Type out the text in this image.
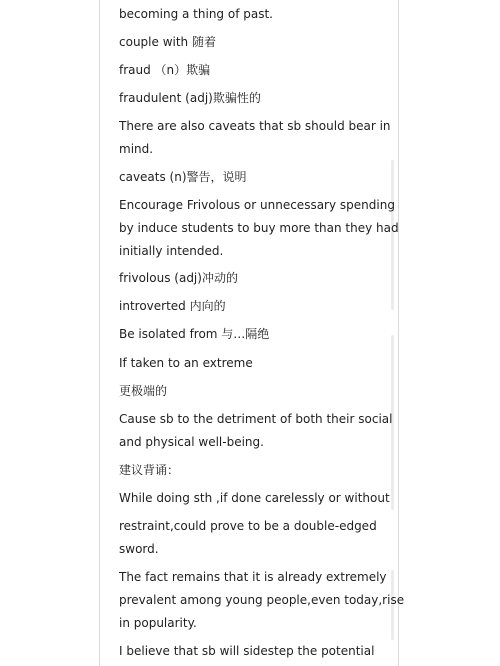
becoming a thing of past.
couple with 随着
fraud （n）欺骗
fraudulent (adj)欺骗性的
There are also caveats that sb should bear in
mind.
caveats (n)警告，说明
Encourage Frivolous or unnecessary spending
by induce students to buy more than they had
initially intended.
frivolous (adj)冲动的
introverted 内向的
Be isolated from 与…隔绝
If taken to an extreme
更极端的
Cause sb to the detriment of both their social
and physical well-being.
建议背诵：
While doing sth ,if done carelessly or without
restraint,could prove to be a double-edged
sword.
The fact remains that it is already extremely
prevalent among young people,even today,rise
in popularity.
I believe that sb will sidestep the potential
